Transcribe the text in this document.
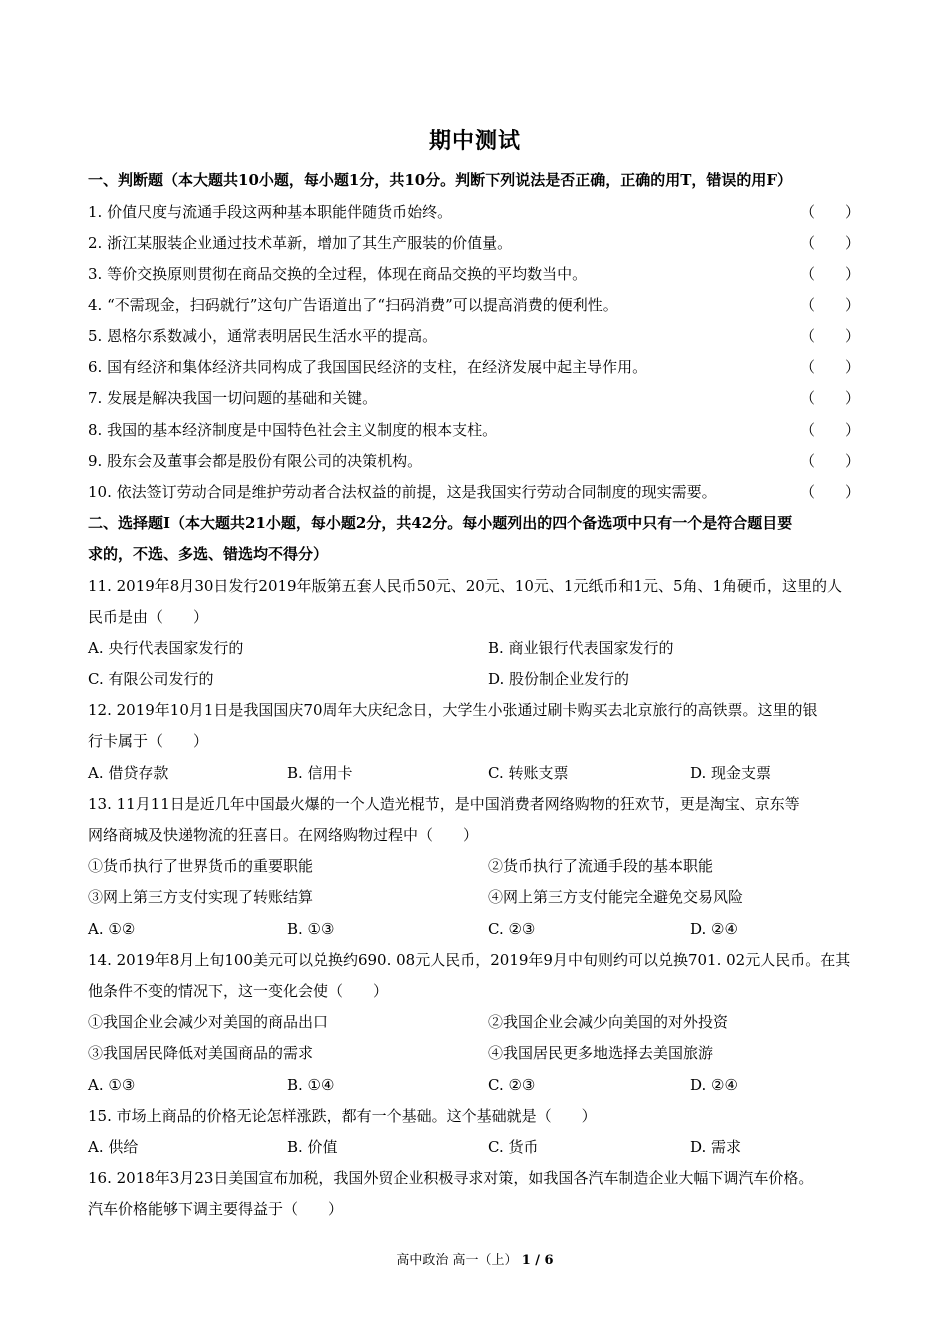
期中测试
一、判断题（本大题共10小题，每小题1分，共10分。判断下列说法是否正确，正确的用T，错误的用F）
1. 价值尺度与流通手段这两种基本职能伴随货币始终。	（　　）
2. 浙江某服装企业通过技术革新，增加了其生产服装的价值量。	（　　）
3. 等价交换原则贯彻在商品交换的全过程，体现在商品交换的平均数当中。	（　　）
4. “不需现金，扫码就行”这句广告语道出了“扫码消费”可以提高消费的便利性。	（　　）
5. 恩格尔系数减小，通常表明居民生活水平的提高。	（　　）
6. 国有经济和集体经济共同构成了我国国民经济的支柱，在经济发展中起主导作用。	（　　）
7. 发展是解决我国一切问题的基础和关键。	（　　）
8. 我国的基本经济制度是中国特色社会主义制度的根本支柱。	（　　）
9. 股东会及董事会都是股份有限公司的决策机构。	（　　）
10. 依法签订劳动合同是维护劳动者合法权益的前提，这是我国实行劳动合同制度的现实需要。	（　　）
二、选择题Ⅰ（本大题共21小题，每小题2分，共42分。每小题列出的四个备选项中只有一个是符合题目要
求的，不选、多选、错选均不得分）
11. 2019年8月30日发行2019年版第五套人民币50元、20元、10元、1元纸币和1元、5角、1角硬币，这里的人
民币是由（　　）
A. 央行代表国家发行的	B. 商业银行代表国家发行的
C. 有限公司发行的	D. 股份制企业发行的
12. 2019年10月1日是我国国庆70周年大庆纪念日，大学生小张通过刷卡购买去北京旅行的高铁票。这里的银
行卡属于（　　）
A. 借贷存款	B. 信用卡	C. 转账支票	D. 现金支票
13. 11月11日是近几年中国最火爆的一个人造光棍节，是中国消费者网络购物的狂欢节，更是淘宝、京东等
网络商城及快递物流的狂喜日。在网络购物过程中（　　）
①货币执行了世界货币的重要职能	②货币执行了流通手段的基本职能
③网上第三方支付实现了转账结算	④网上第三方支付能完全避免交易风险
A. ①②	B. ①③	C. ②③	D. ②④
14. 2019年8月上旬100美元可以兑换约690. 08元人民币，2019年9月中旬则约可以兑换701. 02元人民币。在其
他条件不变的情况下，这一变化会使（　　）
①我国企业会减少对美国的商品出口	②我国企业会减少向美国的对外投资
③我国居民降低对美国商品的需求	④我国居民更多地选择去美国旅游
A. ①③	B. ①④	C. ②③	D. ②④
15. 市场上商品的价格无论怎样涨跌，都有一个基础。这个基础就是（　　）
A. 供给	B. 价值	C. 货币	D. 需求
16. 2018年3月23日美国宣布加税，我国外贸企业积极寻求对策，如我国各汽车制造企业大幅下调汽车价格。
汽车价格能够下调主要得益于（　　）
高中政治 高一（上） 1 / 6
